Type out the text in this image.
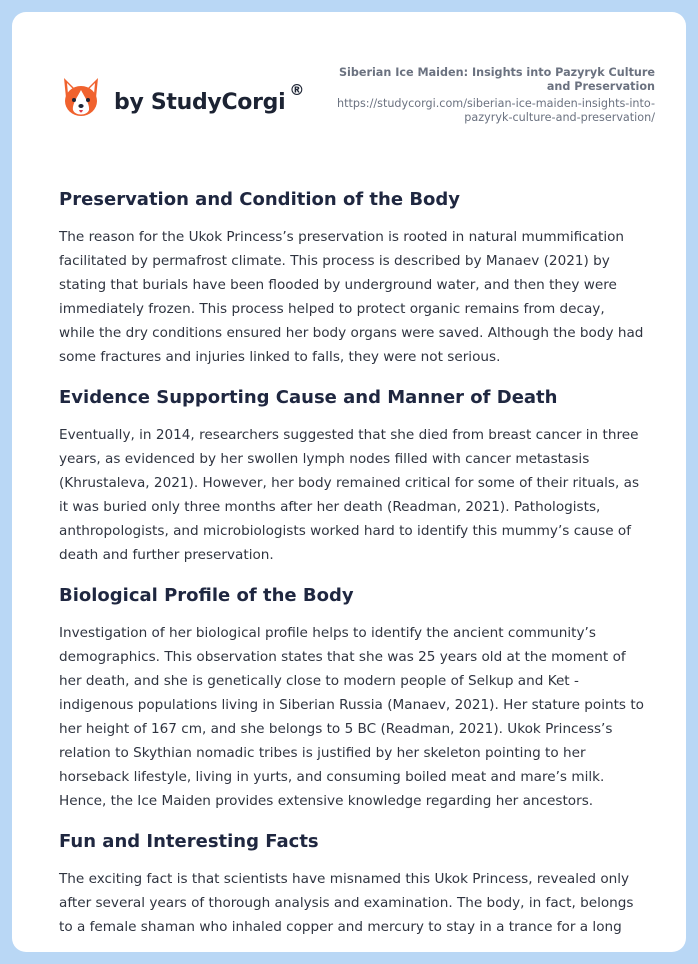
by StudyCorgi ®
Siberian Ice Maiden: Insights into Pazyryk Culture and Preservation
https://studycorgi.com/siberian-ice-maiden-insights-into-
pazyryk-culture-and-preservation/
Preservation and Condition of the Body

The reason for the Ukok Princess’s preservation is rooted in natural mummification
facilitated by permafrost climate. This process is described by Manaev (2021) by
stating that burials have been flooded by underground water, and then they were
immediately frozen. This process helped to protect organic remains from decay,
while the dry conditions ensured her body organs were saved. Although the body had
some fractures and injuries linked to falls, they were not serious.

Evidence Supporting Cause and Manner of Death

Eventually, in 2014, researchers suggested that she died from breast cancer in three
years, as evidenced by her swollen lymph nodes filled with cancer metastasis
(Khrustaleva, 2021). However, her body remained critical for some of their rituals, as
it was buried only three months after her death (Readman, 2021). Pathologists,
anthropologists, and microbiologists worked hard to identify this mummy’s cause of
death and further preservation.

Biological Profile of the Body

Investigation of her biological profile helps to identify the ancient community’s
demographics. This observation states that she was 25 years old at the moment of
her death, and she is genetically close to modern people of Selkup and Ket -
indigenous populations living in Siberian Russia (Manaev, 2021). Her stature points to
her height of 167 cm, and she belongs to 5 BC (Readman, 2021). Ukok Princess’s
relation to Skythian nomadic tribes is justified by her skeleton pointing to her
horseback lifestyle, living in yurts, and consuming boiled meat and mare’s milk.
Hence, the Ice Maiden provides extensive knowledge regarding her ancestors.

Fun and Interesting Facts

The exciting fact is that scientists have misnamed this Ukok Princess, revealed only
after several years of thorough analysis and examination. The body, in fact, belongs
to a female shaman who inhaled copper and mercury to stay in a trance for a long
